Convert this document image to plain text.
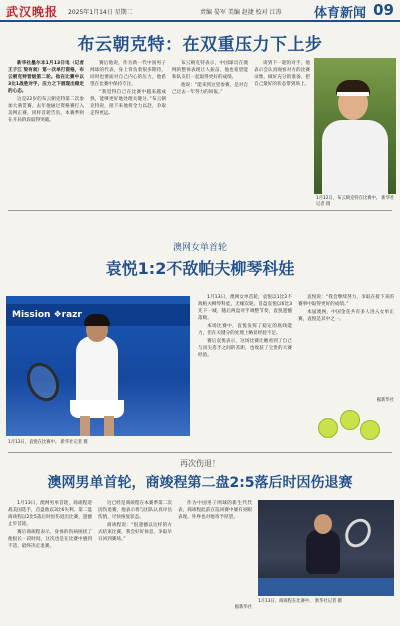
武汉晚报 2025年1月14日 星期二	责编 晏军 美编 赵捷 校对 江涛 体育新闻 09
布云朝克特：在双重压力下上步

新华社墨尔本1月13日电（记者王子江 梁有昶）第一次单打资格，布云朝克特晋级第二轮。他在比赛中以3比1战胜对手，压力之下展现出稳定的心态。

这是22岁的布云朝克特第二次参加大满贯赛。去年他通过资格赛打入美网正赛，同样首轮告负，本赛季则在开局阶段取得突破。

赛后他说，作为新一代中国男子网球的代表，身上背负着很多期待，同时也要面对自己内心的压力，他希望在比赛中保持专注。

“我觉得自己在比赛中越来越成熟，能够更好地处理关键分。”布云朝克特说，接下来他将全力以赴，争取走得更远。

布云朝克特表示，中国球员在澳网的整体表现让人振奋，他也希望能和队友们一起取得更好的成绩。

他说：“能来到这里参赛，是对自己过去一年努力的回报。”

谈到下一轮的对手，他表示会认真观看对方的比赛录像，做好充分的准备，把自己最好的状态带到场上。

1月12日，布云朝克特在比赛中。 新华社记者 摄
澳网女单首轮
袁悦1:2不敌帕夫柳琴科娃
Mission ❖razr
1月13日，袁悦在比赛中。 新华社记者 摄

1月13日，澳网女单首轮，袁悦以1比2不敌帕夫柳琴科娃，无缘次轮。首盘袁悦以6比3先下一城，随后两盘对手调整节奏，袁悦遗憾落败。

本场比赛中，袁悦发挥了稳定的底线能力，但在关键分的处理上略显经验不足。

赛后袁悦表示，这场比赛让她看到了自己与顶尖选手之间的差距，也收获了宝贵的大赛经验。

袁悦说：“我会继续努力，争取在接下来的赛事中取得更好的成绩。”

本届澳网，中国金花共有多人进入女单正赛，袁悦是其中之一。

据新华社
再次伤退！
澳网男单首轮，商竣程第二盘2:5落后时因伤退赛

1月13日，澳网男单首轮，商竣程迎战美国选手，首盘他以3比6失利。第二盘商竣程以2比5落后时因伤退出比赛，遗憾止步首轮。

赛后商竣程表示，身体的伤病困扰了他很长一段时间，这次也是在比赛中感到不适，最终决定退赛。

这已经是商竣程在本赛季第二次因伤退赛，他表示将与团队认真评估伤情，尽快恢复状态。

商竣程说：“很遗憾以这样的方式结束比赛，我会好好休息，争取早日回到赛场。”

作为中国男子网球的新生代代表，商竣程此前在巡回赛中屡有亮眼表现，外界也对他寄予厚望。

据新华社
1月13日，商竣程在比赛中。 新华社记者 摄
